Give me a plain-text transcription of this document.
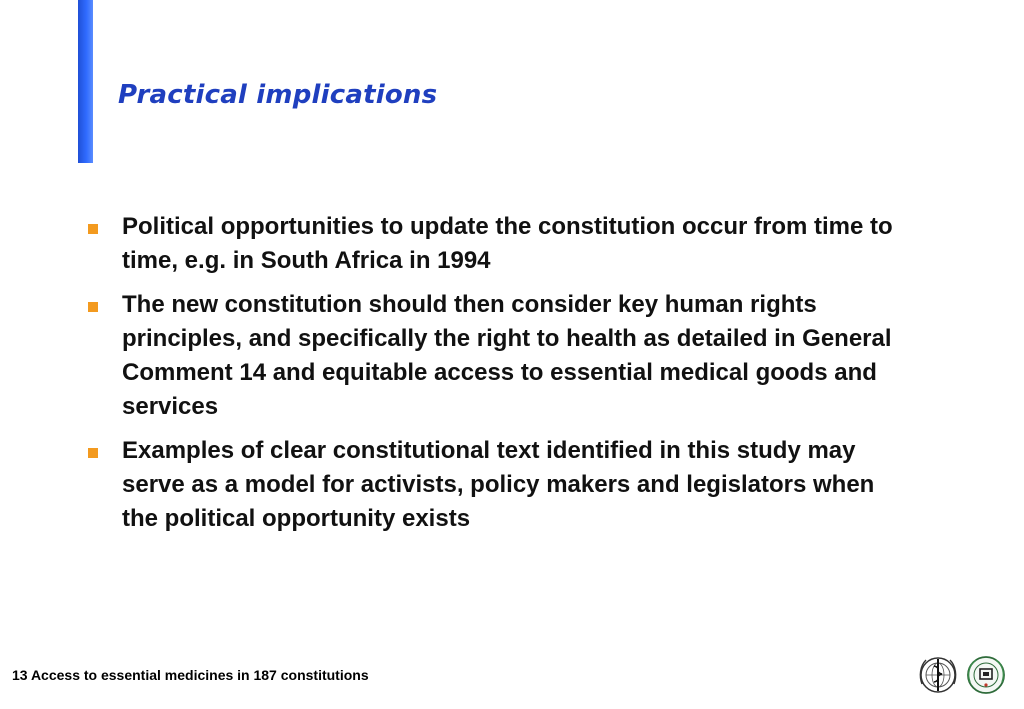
Practical implications
Political opportunities to update the constitution occur from time to time, e.g. in South Africa in 1994
The new constitution should then consider key human rights principles, and specifically the right to health as detailed in General Comment 14 and equitable access to essential medical goods and services
Examples of clear constitutional text identified in this study may serve as a model for activists, policy makers and legislators when the political opportunity exists
13 Access to essential medicines in 187 constitutions
